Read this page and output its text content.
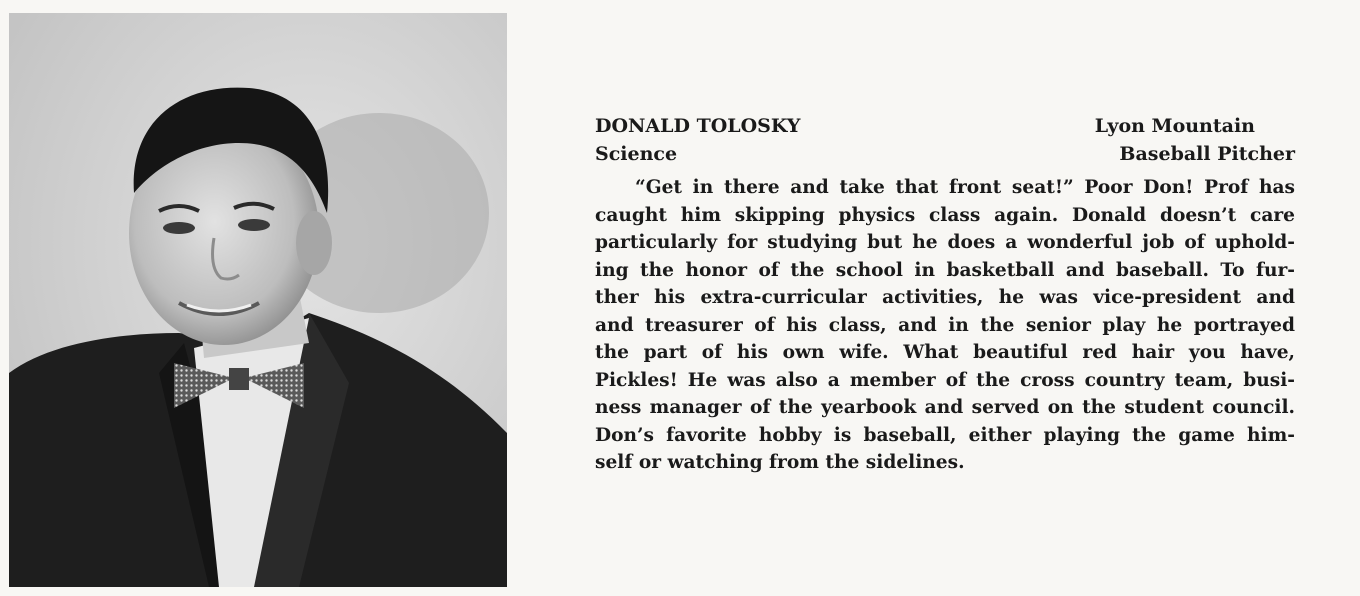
DONALD TOLOSKY	Lyon Mountain
Science	Baseball Pitcher
“Get in there and take that front seat!” Poor Don! Prof has
caught him skipping physics class again. Donald doesn’t care
particularly for studying but he does a wonderful job of uphold-
ing the honor of the school in basketball and baseball. To fur-
ther his extra-curricular activities, he was vice-president and
and treasurer of his class, and in the senior play he portrayed
the part of his own wife. What beautiful red hair you have,
Pickles! He was also a member of the cross country team, busi-
ness manager of the yearbook and served on the student council.
Don’s favorite hobby is baseball, either playing the game him-
self or watching from the sidelines.
